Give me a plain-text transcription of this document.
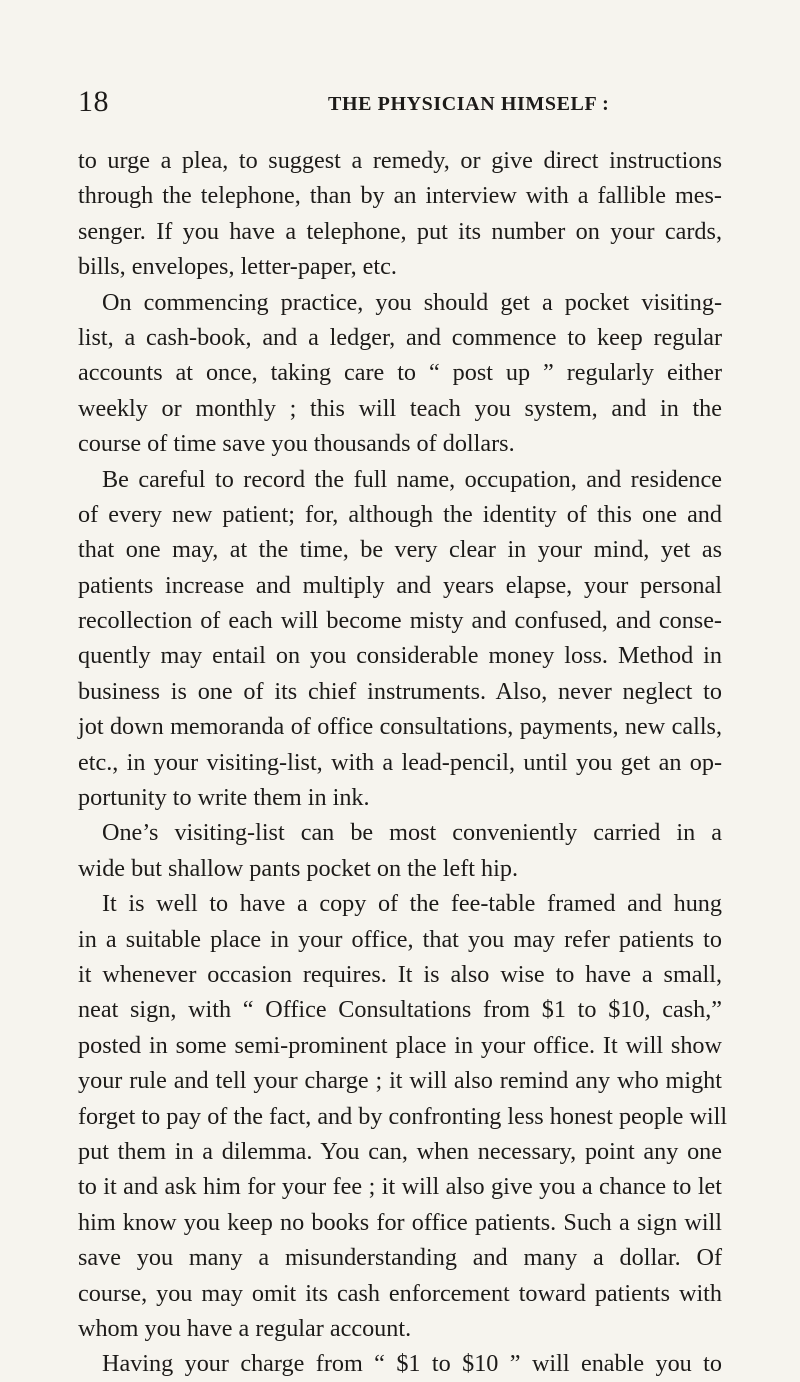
18	THE PHYSICIAN HIMSELF :
to urge a plea, to suggest a remedy, or give direct instructions
through the telephone, than by an interview with a fallible mes-
senger. If you have a telephone, put its number on your cards,
bills, envelopes, letter-paper, etc.
On commencing practice, you should get a pocket visiting-
list, a cash-book, and a ledger, and commence to keep regular
accounts at once, taking care to “ post up ” regularly either
weekly or monthly ; this will teach you system, and in the
course of time save you thousands of dollars.
Be careful to record the full name, occupation, and residence
of every new patient; for, although the identity of this one and
that one may, at the time, be very clear in your mind, yet as
patients increase and multiply and years elapse, your personal
recollection of each will become misty and confused, and conse-
quently may entail on you considerable money loss. Method in
business is one of its chief instruments. Also, never neglect to
jot down memoranda of office consultations, payments, new calls,
etc., in your visiting-list, with a lead-pencil, until you get an op-
portunity to write them in ink.
One’s visiting-list can be most conveniently carried in a
wide but shallow pants pocket on the left hip.
It is well to have a copy of the fee-table framed and hung
in a suitable place in your office, that you may refer patients to
it whenever occasion requires. It is also wise to have a small,
neat sign, with “ Office Consultations from $1 to $10, cash,”
posted in some semi-prominent place in your office. It will show
your rule and tell your charge ; it will also remind any who might
forget to pay of the fact, and by confronting less honest people will
put them in a dilemma. You can, when necessary, point any one
to it and ask him for your fee ; it will also give you a chance to let
him know you keep no books for office patients. Such a sign will
save you many a misunderstanding and many a dollar. Of
course, you may omit its cash enforcement toward patients with
whom you have a regular account.
Having your charge from “ $1 to $10 ” will enable you to
